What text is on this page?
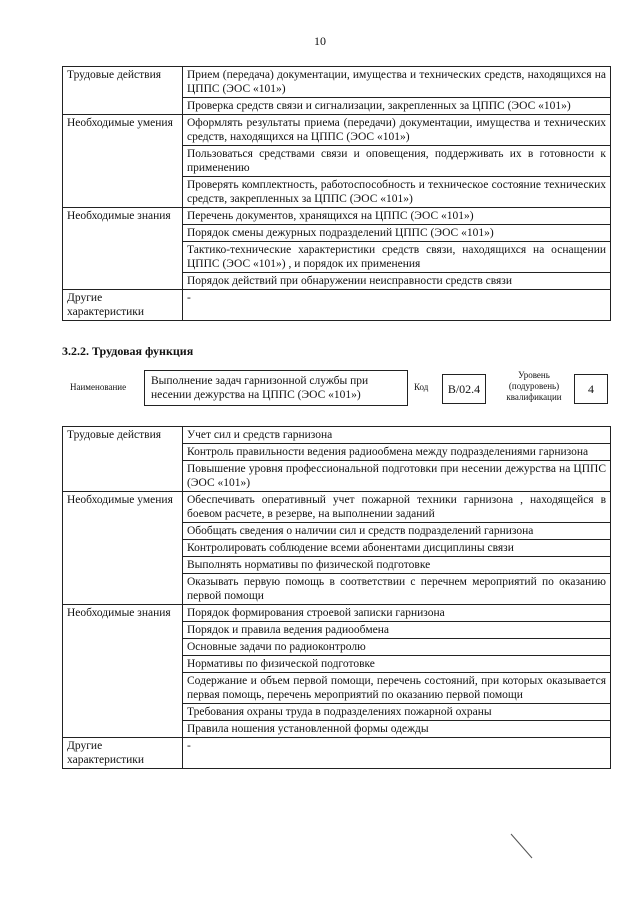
10
Трудовые действия	Прием (передача) документации, имущества и технических средств, находящихся на ЦППС (ЭОС «101»)
	Проверка средств связи и сигнализации, закрепленных за ЦППС (ЭОС «101»)
Необходимые умения	Оформлять результаты приема (передачи) документации, имущества и технических средств, находящихся на ЦППС (ЭОС «101»)
	Пользоваться средствами связи и оповещения, поддерживать их в готовности к применению
	Проверять комплектность, работоспособность и техническое состояние технических средств, закрепленных за ЦППС (ЭОС «101»)
Необходимые знания	Перечень документов, хранящихся на ЦППС (ЭОС «101»)
	Порядок смены дежурных подразделений ЦППС (ЭОС «101»)
	Тактико-технические характеристики средств связи, находящихся на оснащении ЦППС (ЭОС «101») , и порядок их применения
	Порядок действий при обнаружении неисправности средств связи
Другие характеристики	-
3.2.2. Трудовая функция
Наименование	Выполнение задач гарнизонной службы при несении дежурства на ЦППС (ЭОС «101»)
Код	В/02.4
Уровень
(подуровень)
квалификации
4
Трудовые действия	Учет сил и средств гарнизона
	Контроль правильности ведения радиообмена между подразделениями гарнизона
	Повышение уровня профессиональной подготовки при несении дежурства на ЦППС (ЭОС «101»)
Необходимые умения	Обеспечивать оперативный учет пожарной техники гарнизона , находящейся в боевом расчете, в резерве, на выполнении заданий
	Обобщать сведения о наличии сил и средств подразделений гарнизона
	Контролировать соблюдение всеми абонентами дисциплины связи
	Выполнять нормативы по физической подготовке
	Оказывать первую помощь в соответствии с перечнем мероприятий по оказанию первой помощи
Необходимые знания	Порядок формирования строевой записки гарнизона
	Порядок и правила ведения радиообмена
	Основные задачи по радиоконтролю
	Нормативы по физической подготовке
	Содержание и объем первой помощи, перечень состояний, при которых оказывается первая помощь, перечень мероприятий по оказанию первой помощи
	Требования охраны труда в подразделениях пожарной охраны
	Правила ношения установленной формы одежды
Другие характеристики	-
